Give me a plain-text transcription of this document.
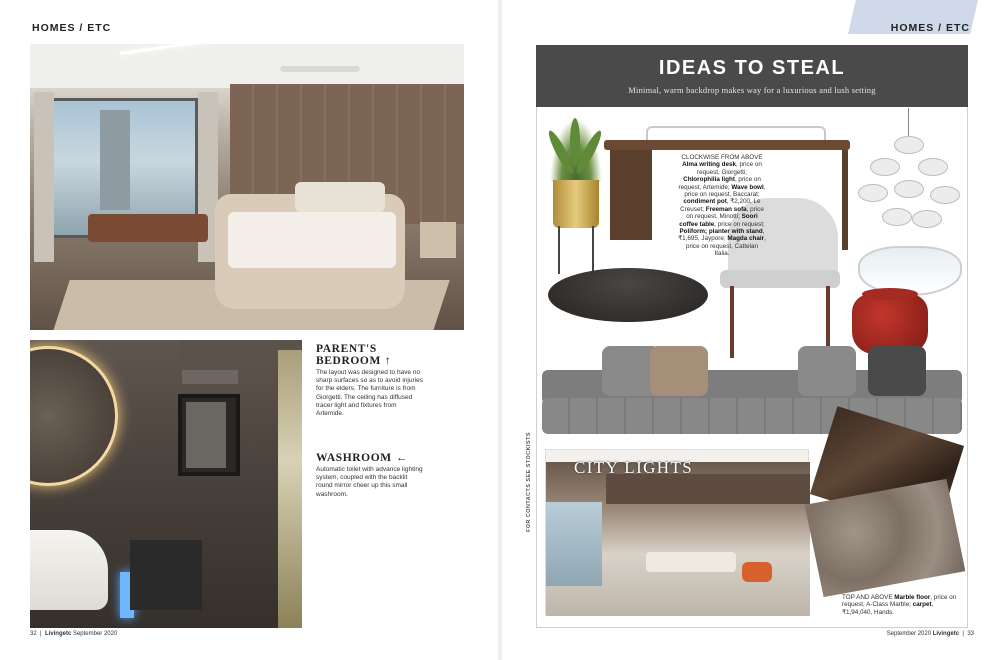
HOMES / ETC
PARENT'S BEDROOM ↑
The layout was designed to have no sharp surfaces so as to avoid injuries for the elders. The furniture is from Giorgetti. The ceiling has diffused tracer light and fixtures from Artemide.
WASHROOM ←
Automatic toilet with advance lighting system, coupled with the backlit round mirror cheer up this small washroom.
32 | Livingetc September 2020
HOMES / ETC
IDEAS TO STEAL
Minimal, warm backdrop makes way for a luxurious and lush setting
CLOCKWISE FROM ABOVE Alma writing desk, price on request, Giorgetti; Chlorophilia light, price on request, Artemide; Wave bowl, price on request, Baccarat; condiment pot, ₹2,200, Le Creuset; Freeman sofa, price on request, Minotti; Soori coffee table, price on request; Poliform; planter with stand, ₹1,695, Jaypore; Magda chair, price on request, Cattelan Italia.
Home of the Month
CITY LIGHTS
FOR CONTACTS SEE STOCKISTS
TOP AND ABOVE Marble floor, price on request, A-Class Marble; carpet, ₹1,94,040, Hands.
September 2020 Livingetc | 33
